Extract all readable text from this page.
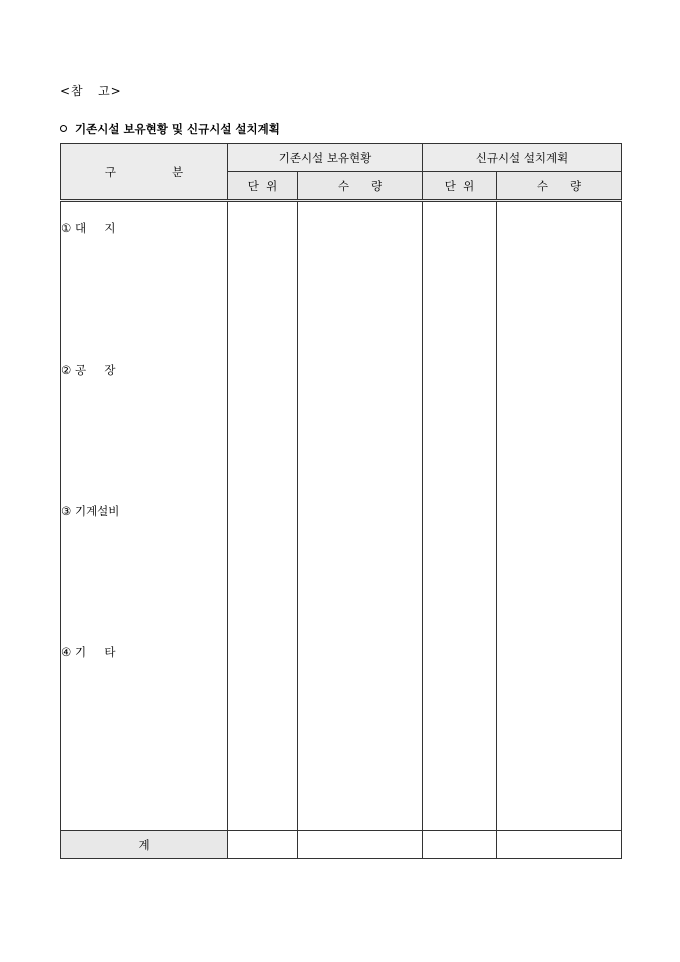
<참   고>
기존시설 보유현황 및 신규시설 설치계획
구 분	기존시설 보유현황		신규시설 설치계획	
	단  위	수      량	단  위	수      량

① 대     지
② 공     장
③ 기계설비
④ 기     타				

계				
